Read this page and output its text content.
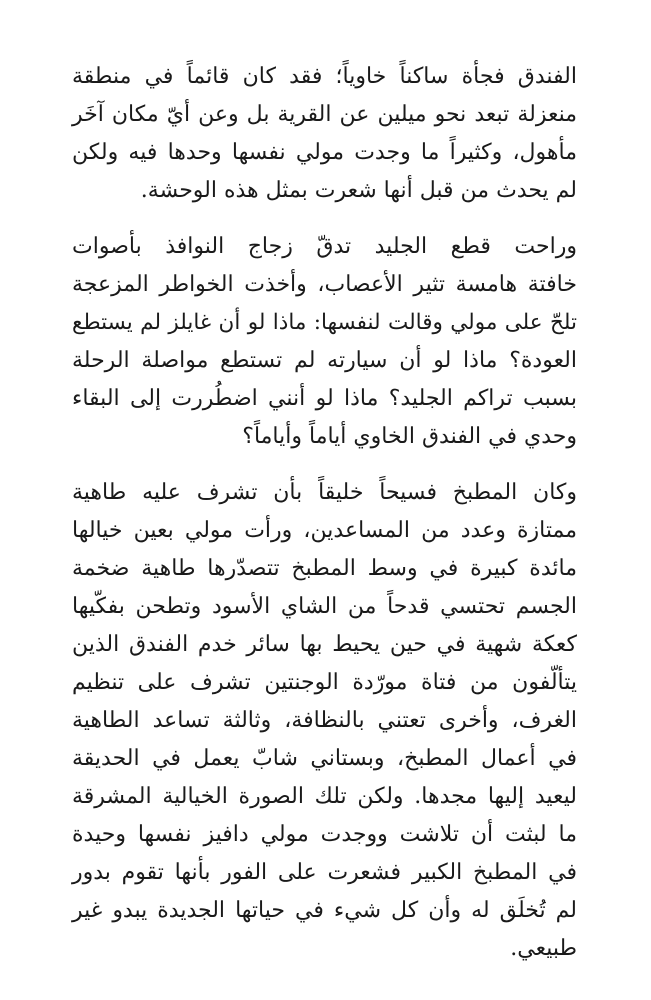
الفندق فجأة ساكناً خاوياً؛ فقد كان قائماً في منطقة
منعزلة تبعد نحو ميلين عن القرية بل وعن أيّ مكان آخَر
مأهول، وكثيراً ما وجدت مولي نفسها وحدها فيه ولكن
لم يحدث من قبل أنها شعرت بمثل هذه الوحشة.
وراحت قطع الجليد تدقّ زجاج النوافذ بأصوات
خافتة هامسة تثير الأعصاب، وأخذت الخواطر المزعجة
تلحّ على مولي وقالت لنفسها: ماذا لو أن غايلز لم يستطع
العودة؟ ماذا لو أن سيارته لم تستطع مواصلة الرحلة
بسبب تراكم الجليد؟ ماذا لو أنني اضطُررت إلى البقاء
وحدي في الفندق الخاوي أياماً وأياماً؟
وكان المطبخ فسيحاً خليقاً بأن تشرف عليه طاهية
ممتازة وعدد من المساعدين، ورأت مولي بعين خيالها
مائدة كبيرة في وسط المطبخ تتصدّرها طاهية ضخمة
الجسم تحتسي قدحاً من الشاي الأسود وتطحن بفكّيها
كعكة شهية في حين يحيط بها سائر خدم الفندق الذين
يتألّفون من فتاة مورّدة الوجنتين تشرف على تنظيم
الغرف، وأخرى تعتني بالنظافة، وثالثة تساعد الطاهية
في أعمال المطبخ، وبستاني شابّ يعمل في الحديقة
ليعيد إليها مجدها. ولكن تلك الصورة الخيالية المشرقة
ما لبثت أن تلاشت ووجدت مولي دافيز نفسها وحيدة
في المطبخ الكبير فشعرت على الفور بأنها تقوم بدور
لم تُخلَق له وأن كل شيء في حياتها الجديدة يبدو غير
طبيعي.
